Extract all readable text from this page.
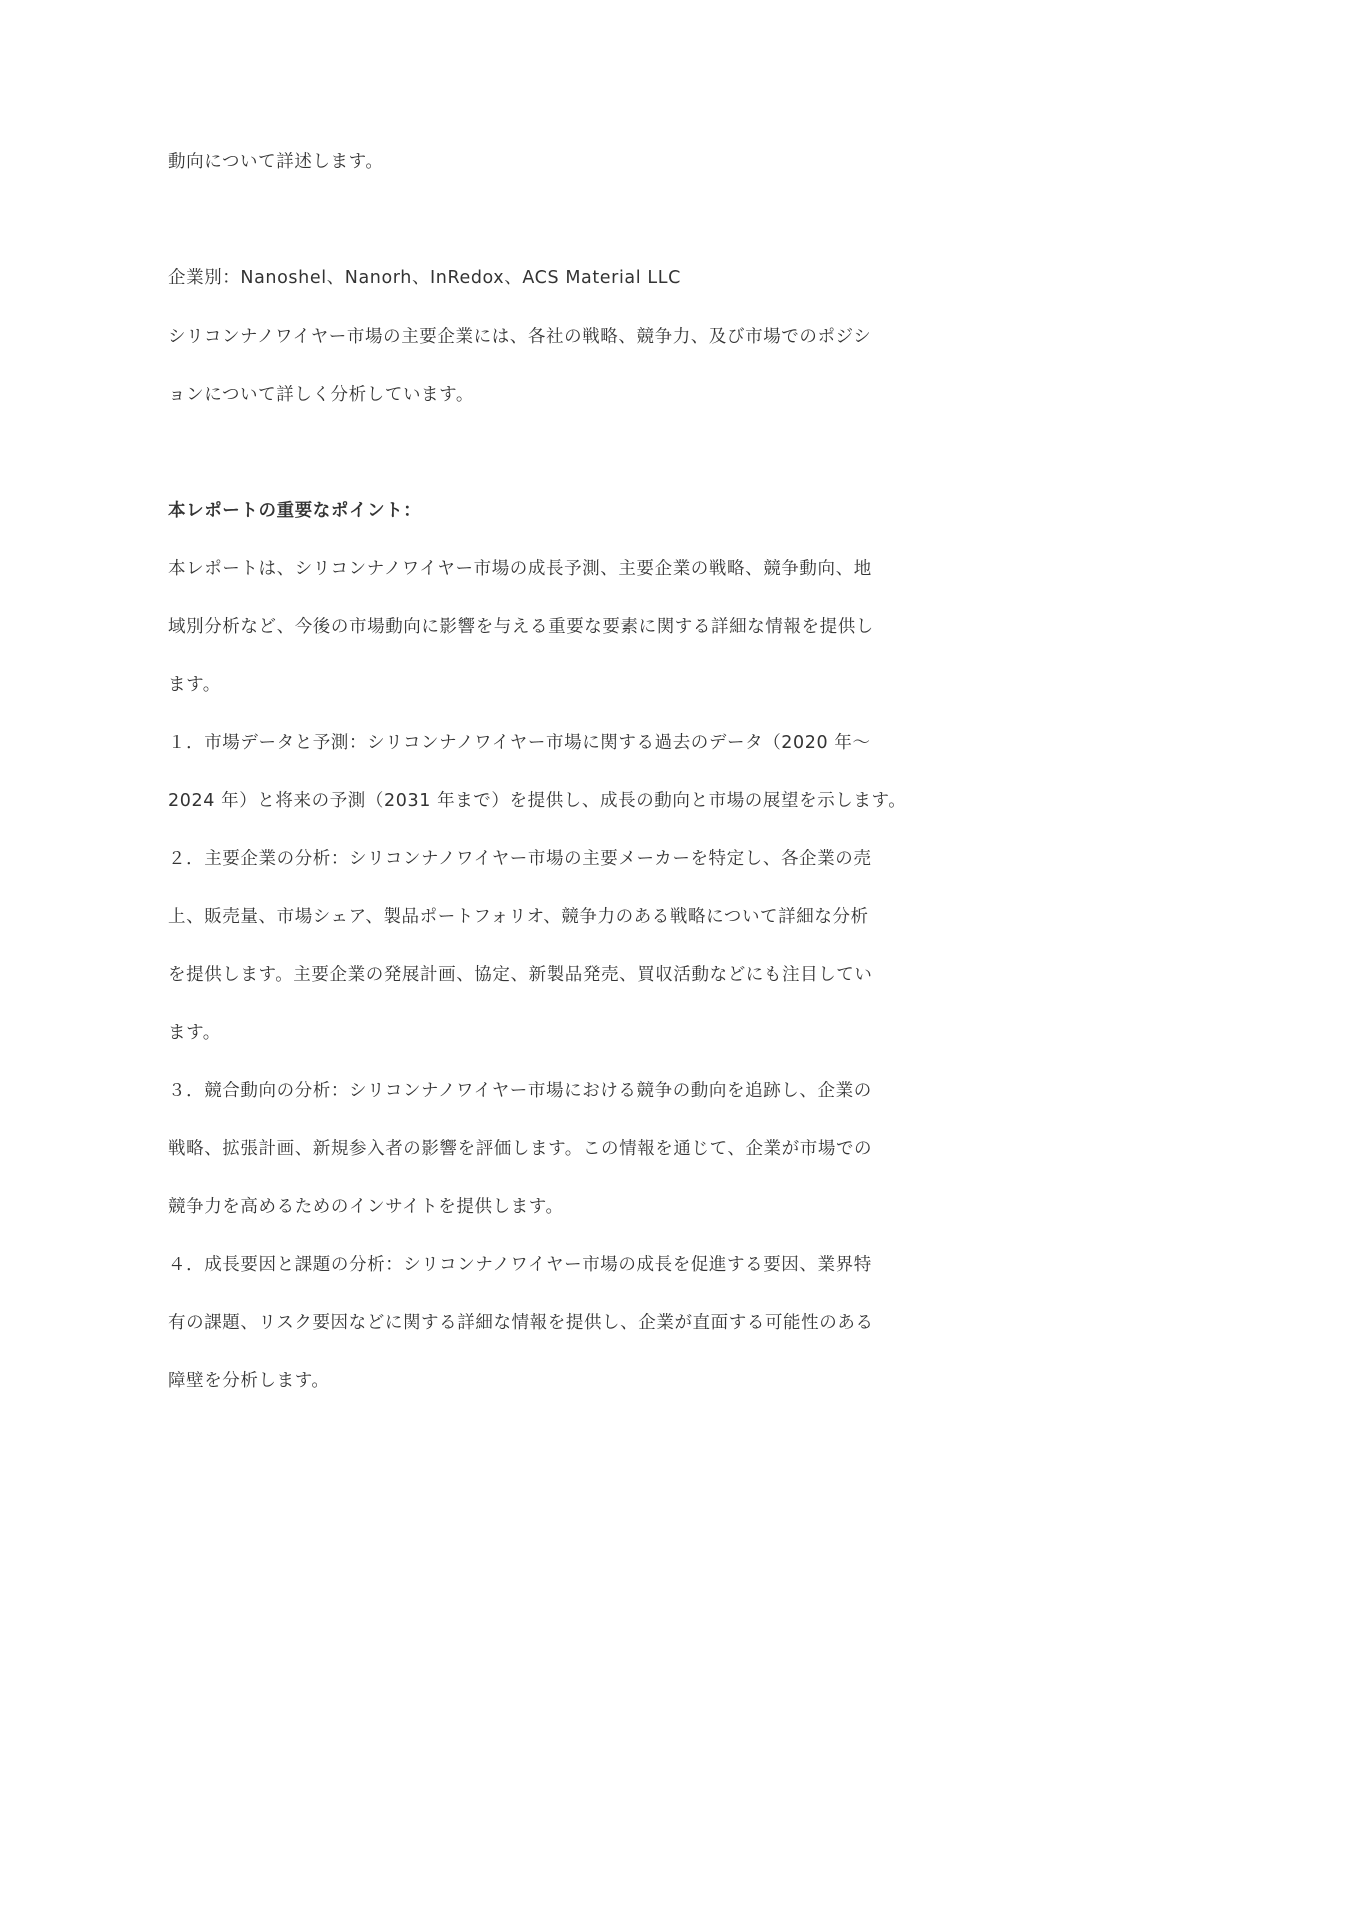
動向について詳述します。
企業別：Nanoshel、Nanorh、InRedox、ACS Material LLC
シリコンナノワイヤー市場の主要企業には、各社の戦略、競争力、及び市場でのポジシ
ョンについて詳しく分析しています。
本レポートの重要なポイント：
本レポートは、シリコンナノワイヤー市場の成長予測、主要企業の戦略、競争動向、地
域別分析など、今後の市場動向に影響を与える重要な要素に関する詳細な情報を提供し
ます。
１．市場データと予測：シリコンナノワイヤー市場に関する過去のデータ（2020 年～
2024 年）と将来の予測（2031 年まで）を提供し、成長の動向と市場の展望を示します。
２．主要企業の分析：シリコンナノワイヤー市場の主要メーカーを特定し、各企業の売
上、販売量、市場シェア、製品ポートフォリオ、競争力のある戦略について詳細な分析
を提供します。主要企業の発展計画、協定、新製品発売、買収活動などにも注目してい
ます。
３．競合動向の分析：シリコンナノワイヤー市場における競争の動向を追跡し、企業の
戦略、拡張計画、新規参入者の影響を評価します。この情報を通じて、企業が市場での
競争力を高めるためのインサイトを提供します。
４．成長要因と課題の分析：シリコンナノワイヤー市場の成長を促進する要因、業界特
有の課題、リスク要因などに関する詳細な情報を提供し、企業が直面する可能性のある
障壁を分析します。
